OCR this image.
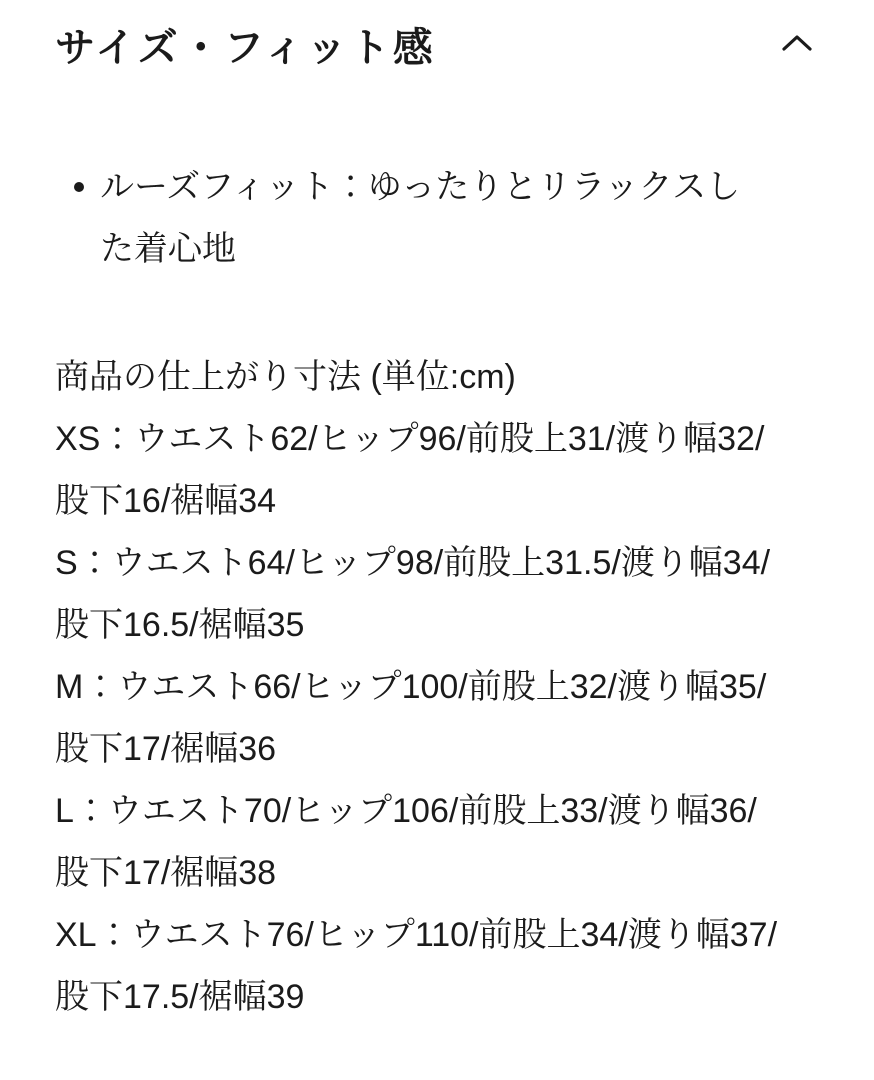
サイズ・フィット感
ルーズフィット：ゆったりとリラックスした着心地

商品の仕上がり寸法 (単位:cm)

XS：ウエスト62/ヒップ96/前股上31/渡り幅32/股下16/裾幅34

S：ウエスト64/ヒップ98/前股上31.5/渡り幅34/股下16.5/裾幅35

M：ウエスト66/ヒップ100/前股上32/渡り幅35/股下17/裾幅36

L：ウエスト70/ヒップ106/前股上33/渡り幅36/股下17/裾幅38

XL：ウエスト76/ヒップ110/前股上34/渡り幅37/股下17.5/裾幅39
